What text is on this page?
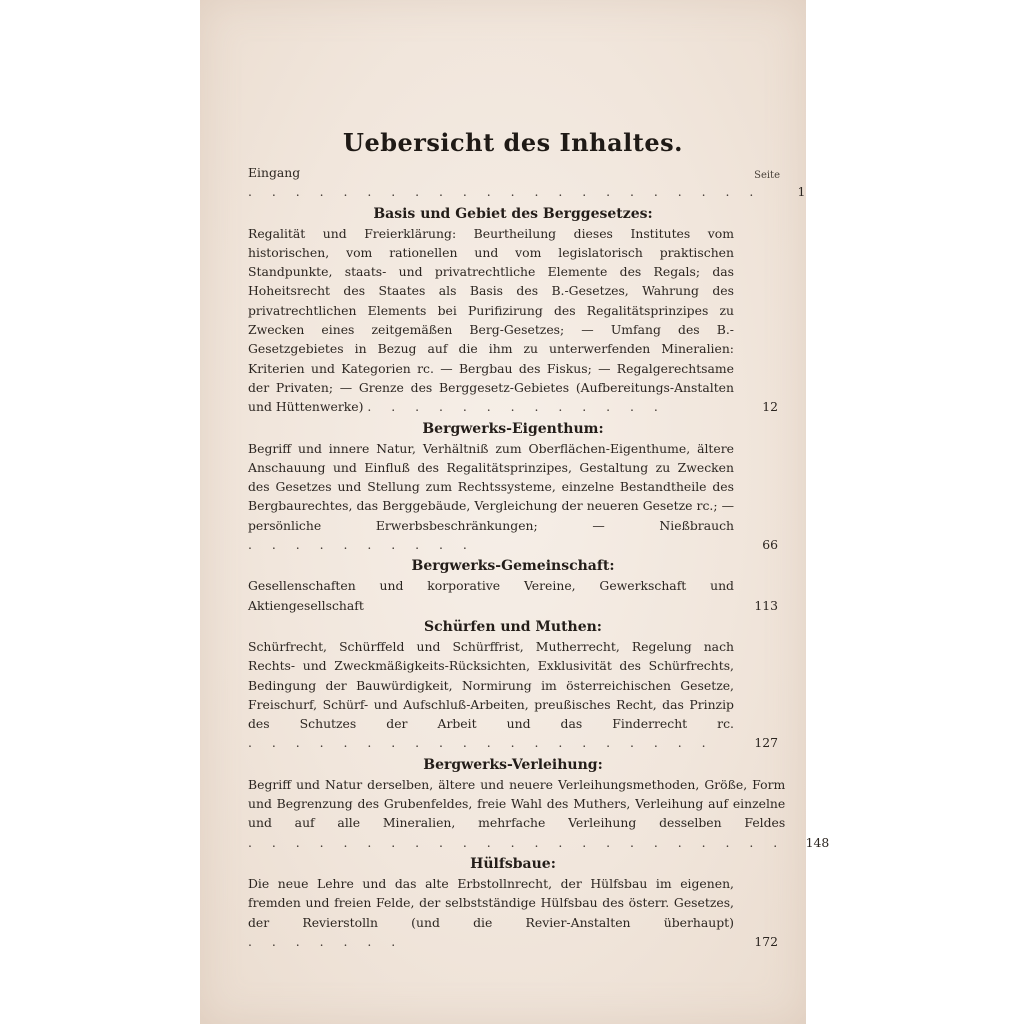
Uebersicht des Inhaltes.
Seite
Eingang . . . . . . . . . . . . . . . . . . . . . .	1
Basis und Gebiet des Berggesetzes:
Regalität und Freierklärung: Beurtheilung dieses Institutes vom historischen, vom rationellen und vom legislatorisch praktischen Standpunkte, staats- und privatrechtliche Elemente des Regals; das Hoheitsrecht des Staates als Basis des B.-Gesetzes, Wahrung des privatrechtlichen Elements bei Purifizirung des Regalitätsprinzipes zu Zwecken eines zeitgemäßen Berg-Gesetzes; — Umfang des B.-Gesetzgebietes in Bezug auf die ihm zu unterwerfenden Mineralien: Kriterien und Kategorien rc. — Bergbau des Fiskus; — Regalgerechtsame der Privaten; — Grenze des Berggesetz-Gebietes (Aufbereitungs-Anstalten und Hüttenwerke) . . . . . . . . . . . . .	12
Bergwerks-Eigenthum:
Begriff und innere Natur, Verhältniß zum Oberflächen-Eigenthume, ältere Anschauung und Einfluß des Regalitätsprinzipes, Gestaltung zu Zwecken des Gesetzes und Stellung zum Rechtssysteme, einzelne Bestandtheile des Bergbaurechtes, das Berggebäude, Vergleichung der neueren Gesetze rc.; — persönliche Erwerbsbeschränkungen; — Nießbrauch . . . . . . . . . .	66
Bergwerks-Gemeinschaft:
Gesellenschaften und korporative Vereine, Gewerkschaft und Aktiengesellschaft	113
Schürfen und Muthen:
Schürfrecht, Schürffeld und Schürffrist, Mutherrecht, Regelung nach Rechts- und Zweckmäßigkeits-Rücksichten, Exklusivität des Schürfrechts, Bedingung der Bauwürdigkeit, Normirung im österreichischen Gesetze, Freischurf, Schürf- und Aufschluß-Arbeiten, preußisches Recht, das Prinzip des Schutzes der Arbeit und das Finderrecht rc. . . . . . . . . . . . . . . . . . . . .	127
Bergwerks-Verleihung:
Begriff und Natur derselben, ältere und neuere Verleihungsmethoden, Größe, Form und Begrenzung des Grubenfeldes, freie Wahl des Muthers, Verleihung auf einzelne und auf alle Mineralien, mehrfache Verleihung desselben Feldes . . . . . . . . . . . . . . . . . . . . . . .	148
Hülfsbaue:
Die neue Lehre und das alte Erbstollnrecht, der Hülfsbau im eigenen, fremden und freien Felde, der selbstständige Hülfsbau des österr. Gesetzes, der Revierstolln (und die Revier-Anstalten überhaupt) . . . . . . .	172
